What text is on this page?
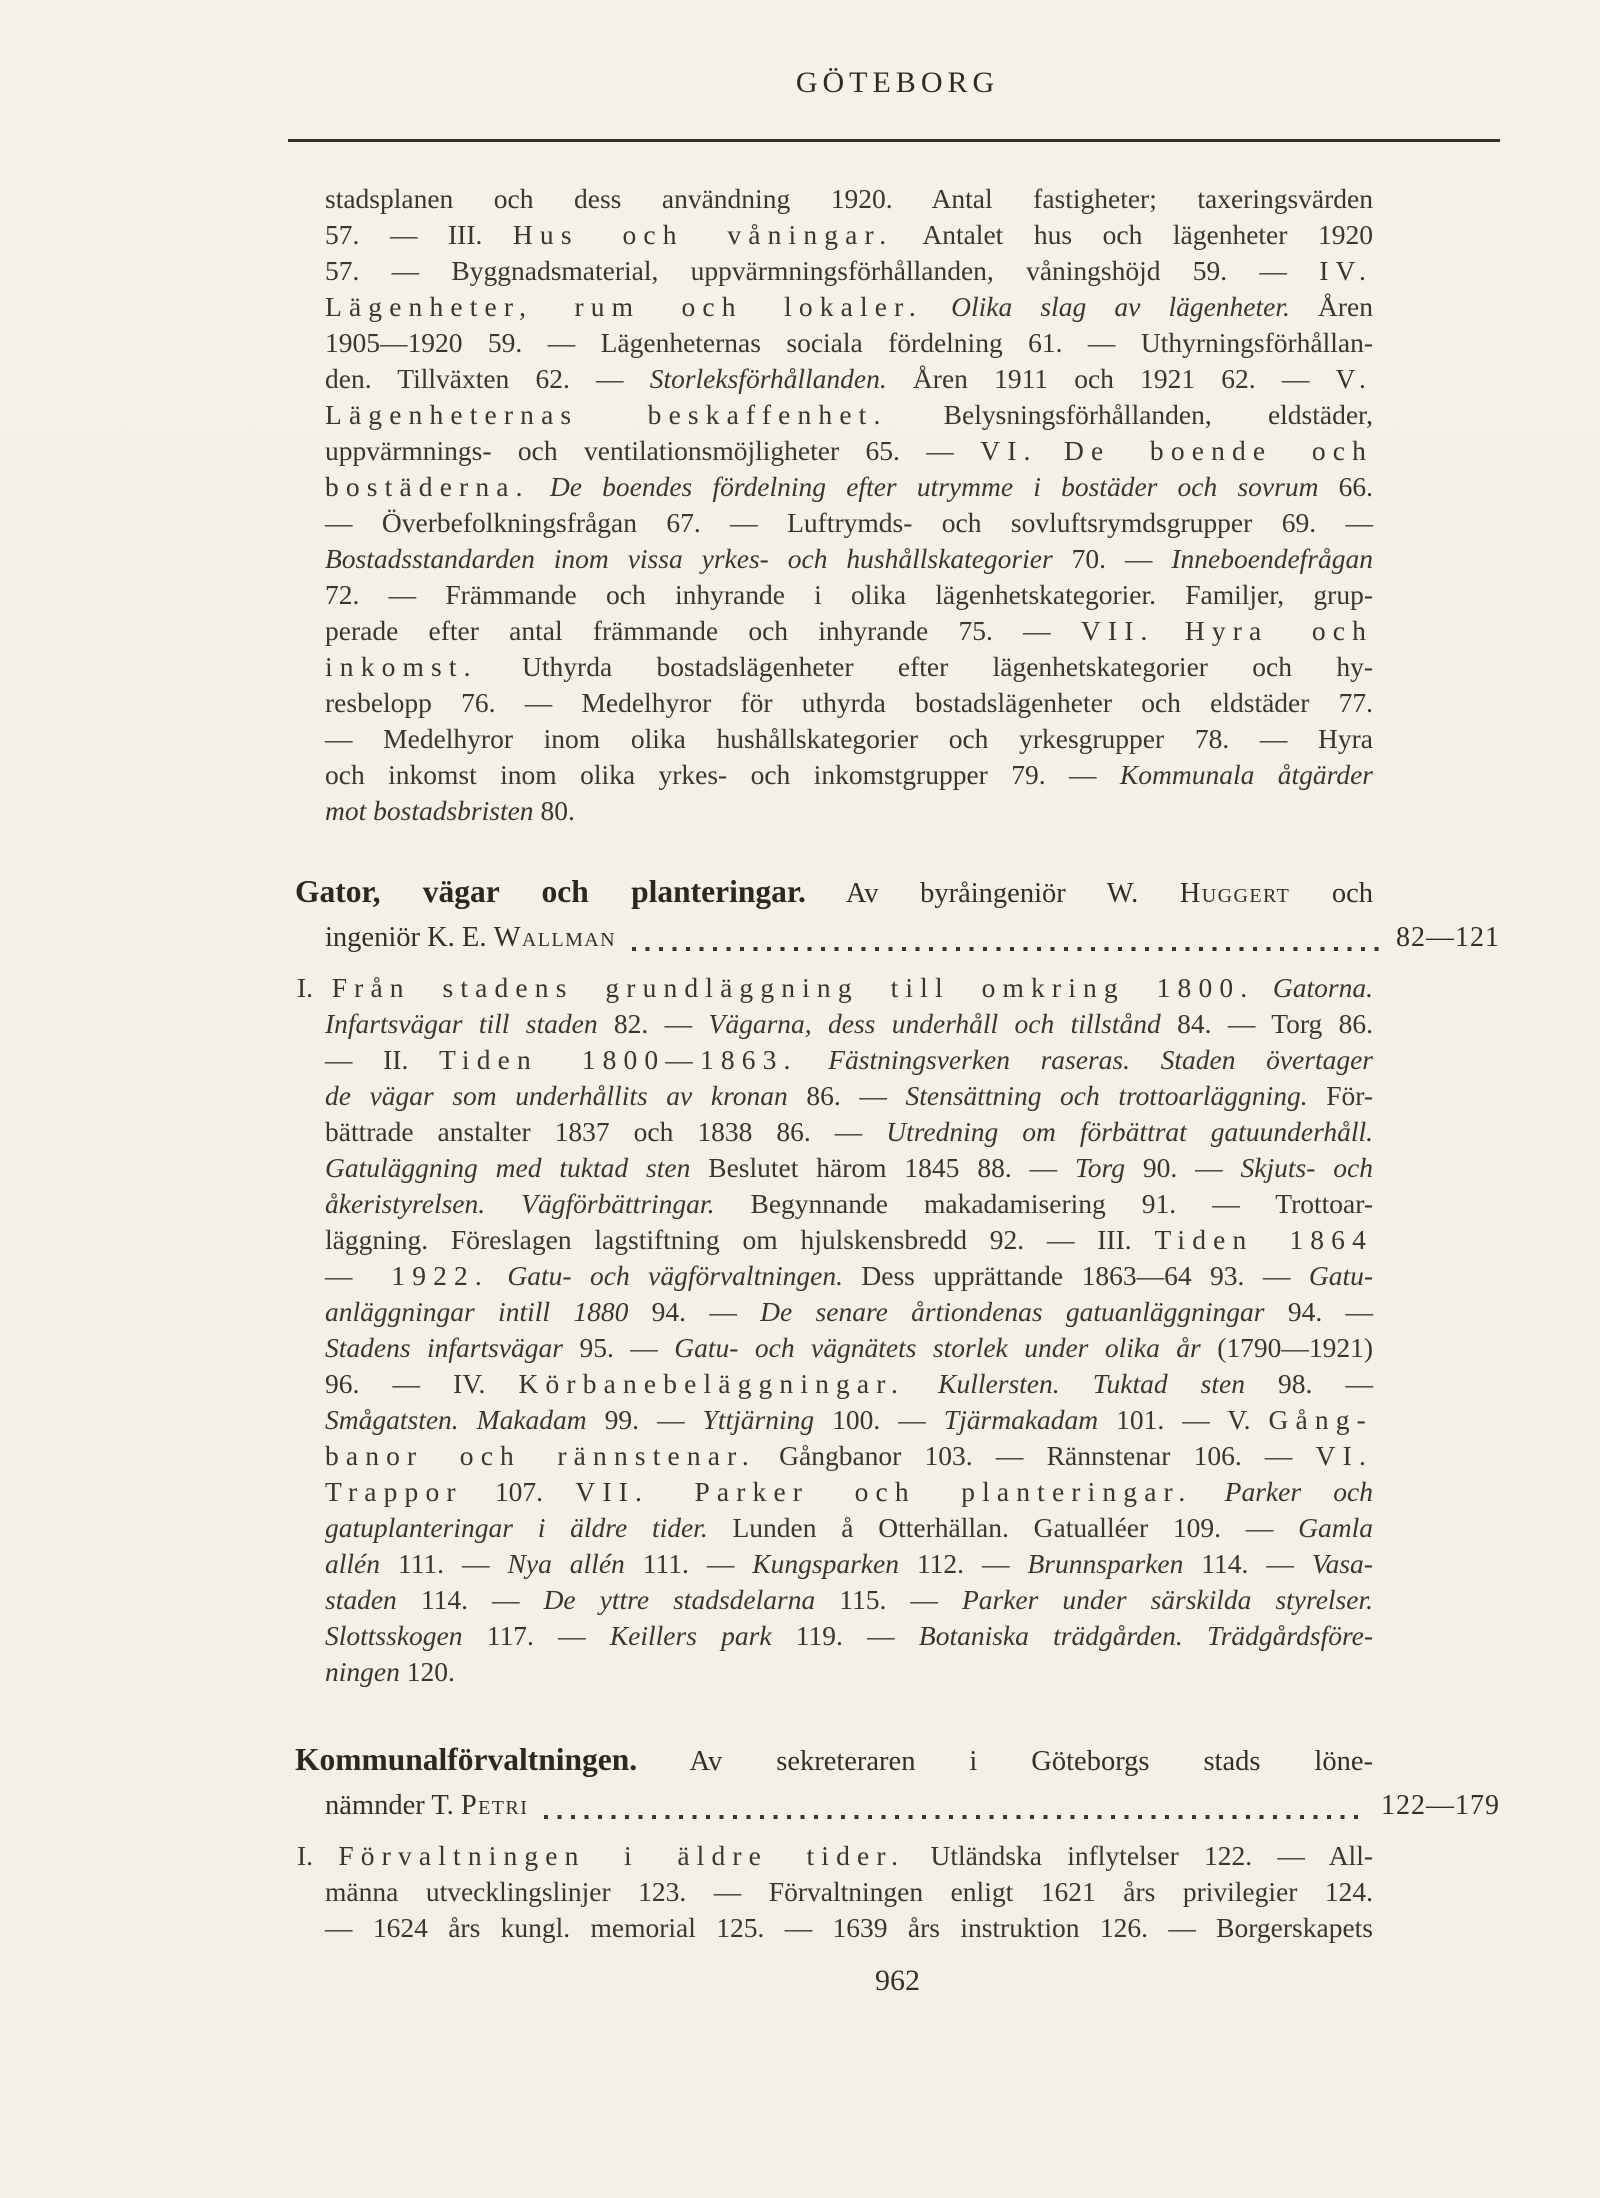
GÖTEBORG
stadsplanen och dess användning 1920. Antal fastigheter; taxeringsvärden
57. — III. Hus och våningar. Antalet hus och lägenheter 1920
57. — Byggnadsmaterial, uppvärmningsförhållanden, våningshöjd 59. — IV.
Lägenheter, rum och lokaler. Olika slag av lägenheter. Åren
1905—1920 59. — Lägenheternas sociala fördelning 61. — Uthyrningsförhållan-
den. Tillväxten 62. — Storleksförhållanden. Åren 1911 och 1921 62. — V.
Lägenheternas beskaffenhet. Belysningsförhållanden, eldstäder,
uppvärmnings- och ventilationsmöjligheter 65. — VI. De boende och
bostäderna. De boendes fördelning efter utrymme i bostäder och sovrum 66.
— Överbefolkningsfrågan 67. — Luftrymds- och sovluftsrymdsgrupper 69. —
Bostadsstandarden inom vissa yrkes- och hushållskategorier 70. — Inneboendefrågan
72. — Främmande och inhyrande i olika lägenhetskategorier. Familjer, grup-
perade efter antal främmande och inhyrande 75. — VII. Hyra och
inkomst. Uthyrda bostadslägenheter efter lägenhetskategorier och hy-
resbelopp 76. — Medelhyror för uthyrda bostadslägenheter och eldstäder 77.
— Medelhyror inom olika hushållskategorier och yrkesgrupper 78. — Hyra
och inkomst inom olika yrkes- och inkomstgrupper 79. — Kommunala åtgärder
mot bostadsbristen 80.
Gator, vägar och planteringar. Av byråingeniör W. Huggert och
ingeniör K. E. Wallman	82—121
I. Från stadens grundläggning till omkring 1800. Gatorna.
Infartsvägar till staden 82. — Vägarna, dess underhåll och tillstånd 84. — Torg 86.
— II. Tiden 1800—1863. Fästningsverken raseras. Staden övertager
de vägar som underhållits av kronan 86. — Stensättning och trottoarläggning. För-
bättrade anstalter 1837 och 1838 86. — Utredning om förbättrat gatuunderhåll.
Gatuläggning med tuktad sten Beslutet härom 1845 88. — Torg 90. — Skjuts- och
åkeristyrelsen. Vägförbättringar. Begynnande makadamisering 91. — Trottoar-
läggning. Föreslagen lagstiftning om hjulskensbredd 92. — III. Tiden 1864
— 1922. Gatu- och vägförvaltningen. Dess upprättande 1863—64 93. — Gatu-
anläggningar intill 1880 94. — De senare årtiondenas gatuanläggningar 94. —
Stadens infartsvägar 95. — Gatu- och vägnätets storlek under olika år (1790—1921)
96. — IV. Körbanebeläggningar. Kullersten. Tuktad sten 98. —
Smågatsten. Makadam 99. — Yttjärning 100. — Tjärmakadam 101. — V. Gång-
banor och rännstenar. Gångbanor 103. — Rännstenar 106. — VI.
Trappor 107. VII. Parker och planteringar. Parker och
gatuplanteringar i äldre tider. Lunden å Otterhällan. Gatualléer 109. — Gamla
allén 111. — Nya allén 111. — Kungsparken 112. — Brunnsparken 114. — Vasa-
staden 114. — De yttre stadsdelarna 115. — Parker under särskilda styrelser.
Slottsskogen 117. — Keillers park 119. — Botaniska trädgården. Trädgårdsföre-
ningen 120.
Kommunalförvaltningen. Av sekreteraren i Göteborgs stads löne-
nämnder T. Petri	122—179
I. Förvaltningen i äldre tider. Utländska inflytelser 122. — All-
männa utvecklingslinjer 123. — Förvaltningen enligt 1621 års privilegier 124.
— 1624 års kungl. memorial 125. — 1639 års instruktion 126. — Borgerskapets
962
